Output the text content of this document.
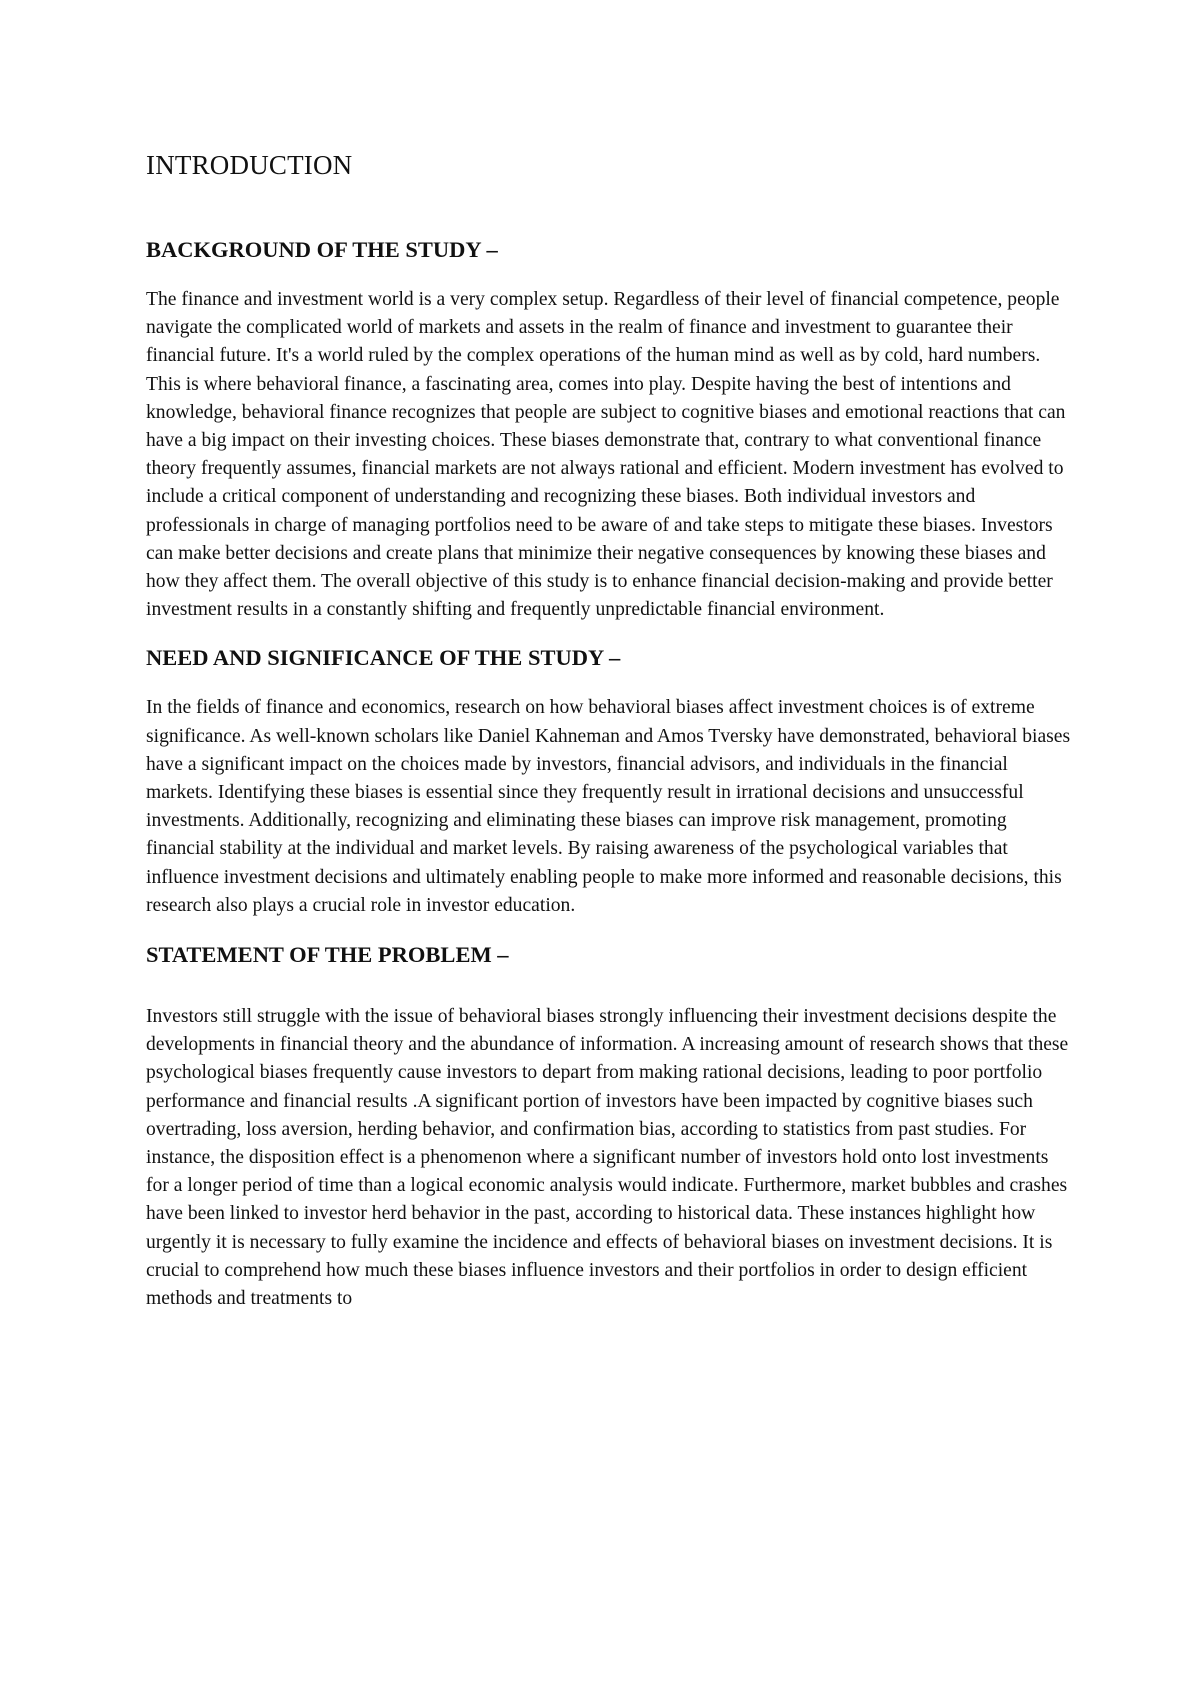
INTRODUCTION
BACKGROUND OF THE STUDY –

The finance and investment world is a very complex setup. Regardless of their level of financial competence, people navigate the complicated world of markets and assets in the realm of finance and investment to guarantee their financial future. It's a world ruled by the complex operations of the human mind as well as by cold, hard numbers. This is where behavioral finance, a fascinating area, comes into play. Despite having the best of intentions and knowledge, behavioral finance recognizes that people are subject to cognitive biases and emotional reactions that can have a big impact on their investing choices. These biases demonstrate that, contrary to what conventional finance theory frequently assumes, financial markets are not always rational and efficient. Modern investment has evolved to include a critical component of understanding and recognizing these biases. Both individual investors and professionals in charge of managing portfolios need to be aware of and take steps to mitigate these biases. Investors can make better decisions and create plans that minimize their negative consequences by knowing these biases and how they affect them. The overall objective of this study is to enhance financial decision-making and provide better investment results in a constantly shifting and frequently unpredictable financial environment.

NEED AND SIGNIFICANCE OF THE STUDY –

In the fields of finance and economics, research on how behavioral biases affect investment choices is of extreme significance. As well-known scholars like Daniel Kahneman and Amos Tversky have demonstrated, behavioral biases have a significant impact on the choices made by investors, financial advisors, and individuals in the financial markets. Identifying these biases is essential since they frequently result in irrational decisions and unsuccessful investments. Additionally, recognizing and eliminating these biases can improve risk management, promoting financial stability at the individual and market levels. By raising awareness of the psychological variables that influence investment decisions and ultimately enabling people to make more informed and reasonable decisions, this research also plays a crucial role in investor education.

STATEMENT OF THE PROBLEM –

Investors still struggle with the issue of behavioral biases strongly influencing their investment decisions despite the developments in financial theory and the abundance of information. A increasing amount of research shows that these psychological biases frequently cause investors to depart from making rational decisions, leading to poor portfolio performance and financial results .A significant portion of investors have been impacted by cognitive biases such overtrading, loss aversion, herding behavior, and confirmation bias, according to statistics from past studies. For instance, the disposition effect is a phenomenon where a significant number of investors hold onto lost investments for a longer period of time than a logical economic analysis would indicate. Furthermore, market bubbles and crashes have been linked to investor herd behavior in the past, according to historical data. These instances highlight how urgently it is necessary to fully examine the incidence and effects of behavioral biases on investment decisions. It is crucial to comprehend how much these biases influence investors and their portfolios in order to design efficient methods and treatments to
